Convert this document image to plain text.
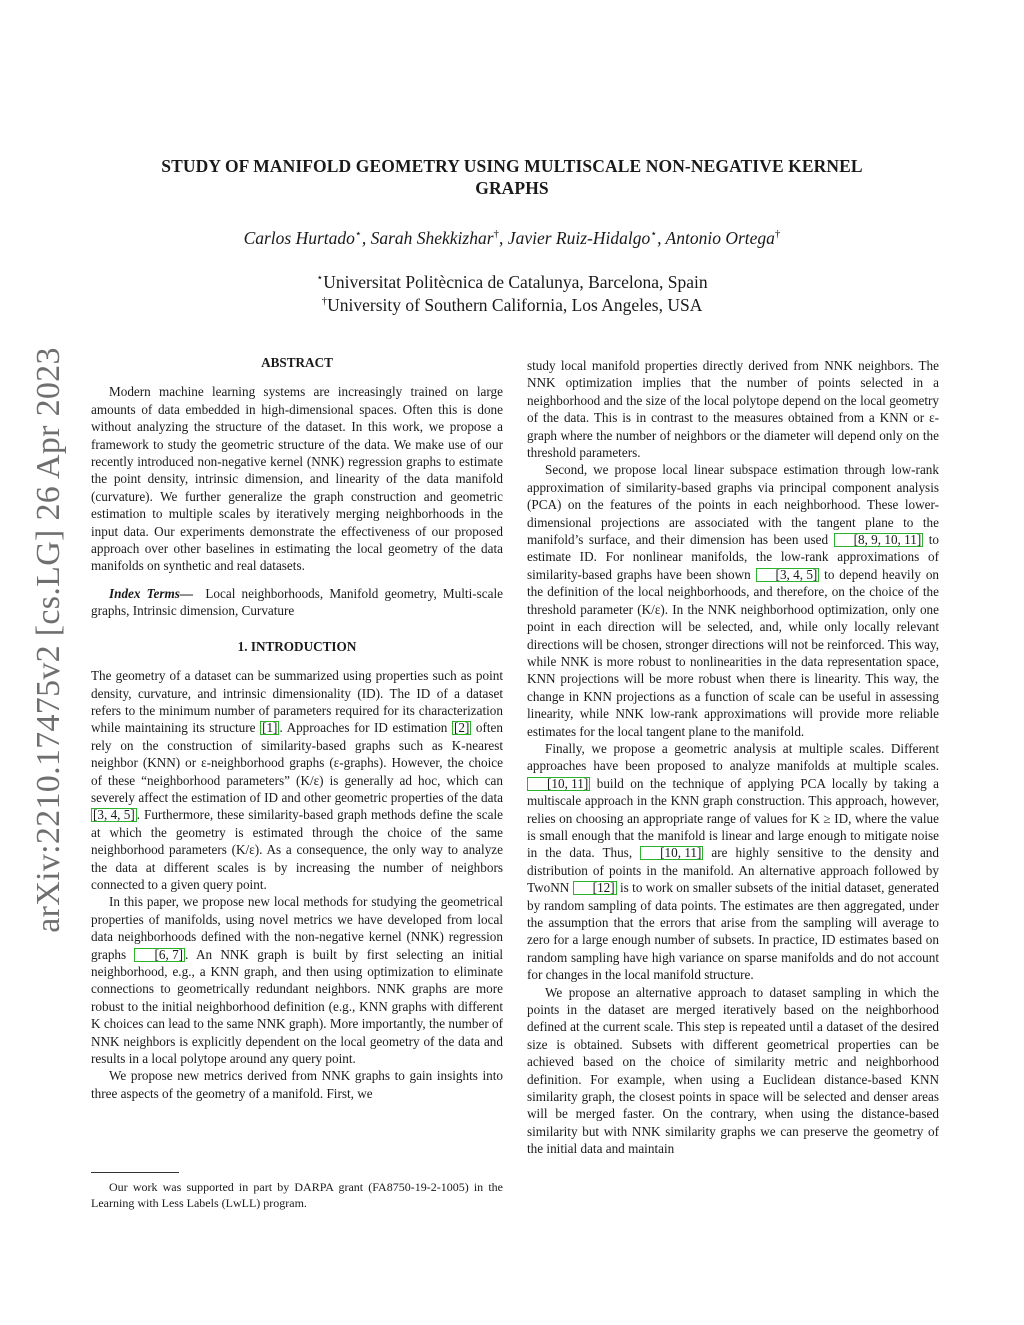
arXiv:2210.17475v2 [cs.LG] 26 Apr 2023
STUDY OF MANIFOLD GEOMETRY USING MULTISCALE NON-NEGATIVE KERNEL
GRAPHS
Carlos Hurtado⋆, Sarah Shekkizhar†, Javier Ruiz-Hidalgo⋆, Antonio Ortega†
⋆Universitat Politècnica de Catalunya, Barcelona, Spain
†University of Southern California, Los Angeles, USA
ABSTRACT

Modern machine learning systems are increasingly trained on large amounts of data embedded in high-dimensional spaces. Often this is done without analyzing the structure of the dataset. In this work, we propose a framework to study the geometric structure of the data. We make use of our recently introduced non-negative kernel (NNK) regression graphs to estimate the point density, intrinsic dimension, and linearity of the data manifold (curvature). We further generalize the graph construction and geometric estimation to multiple scales by iteratively merging neighborhoods in the input data. Our experiments demonstrate the effectiveness of our proposed approach over other baselines in estimating the local geometry of the data manifolds on synthetic and real datasets.

Index Terms— Local neighborhoods, Manifold geometry, Multi-scale graphs, Intrinsic dimension, Curvature

1. INTRODUCTION

The geometry of a dataset can be summarized using properties such as point density, curvature, and intrinsic dimensionality (ID). The ID of a dataset refers to the minimum number of parameters required for its characterization while maintaining its structure [1] . Approaches for ID estimation [2] often rely on the construction of similarity-based graphs such as K-nearest neighbor (KNN) or ε-neighborhood graphs (ε-graphs). However, the choice of these “neighborhood parameters” (K/ε) is generally ad hoc, which can severely affect the estimation of ID and other geometric properties of the data [3, 4, 5] . Furthermore, these similarity-based graph methods define the scale at which the geometry is estimated through the choice of the same neighborhood parameters (K/ε). As a consequence, the only way to analyze the data at different scales is by increasing the number of neighbors connected to a given query point.

In this paper, we propose new local methods for studying the geometrical properties of manifolds, using novel metrics we have developed from local data neighborhoods defined with the non-negative kernel (NNK) regression graphs [6, 7] . An NNK graph is built by first selecting an initial neighborhood, e.g., a KNN graph, and then using optimization to eliminate connections to geometrically redundant neighbors. NNK graphs are more robust to the initial neighborhood definition (e.g., KNN graphs with different K choices can lead to the same NNK graph). More importantly, the number of NNK neighbors is explicitly dependent on the local geometry of the data and results in a local polytope around any query point.

We propose new metrics derived from NNK graphs to gain insights into three aspects of the geometry of a manifold. First, we

study local manifold properties directly derived from NNK neighbors. The NNK optimization implies that the number of points selected in a neighborhood and the size of the local polytope depend on the local geometry of the data. This is in contrast to the measures obtained from a KNN or ε-graph where the number of neighbors or the diameter will depend only on the threshold parameters.

Second, we propose local linear subspace estimation through low-rank approximation of similarity-based graphs via principal component analysis (PCA) on the features of the points in each neighborhood. These lower-dimensional projections are associated with the tangent plane to the manifold’s surface, and their dimension has been used [8, 9, 10, 11] to estimate ID. For nonlinear manifolds, the low-rank approximations of similarity-based graphs have been shown [3, 4, 5] to depend heavily on the definition of the local neighborhoods, and therefore, on the choice of the threshold parameter (K/ε). In the NNK neighborhood optimization, only one point in each direction will be selected, and, while only locally relevant directions will be chosen, stronger directions will not be reinforced. This way, while NNK is more robust to nonlinearities in the data representation space, KNN projections will be more robust when there is linearity. This way, the change in KNN projections as a function of scale can be useful in assessing linearity, while NNK low-rank approximations will provide more reliable estimates for the local tangent plane to the manifold.

Finally, we propose a geometric analysis at multiple scales. Different approaches have been proposed to analyze manifolds at multiple scales. [10, 11] build on the technique of applying PCA locally by taking a multiscale approach in the KNN graph construction. This approach, however, relies on choosing an appropriate range of values for K ≥ ID, where the value is small enough that the manifold is linear and large enough to mitigate noise in the data. Thus, [10, 11] are highly sensitive to the density and distribution of points in the manifold. An alternative approach followed by TwoNN [12] is to work on smaller subsets of the initial dataset, generated by random sampling of data points. The estimates are then aggregated, under the assumption that the errors that arise from the sampling will average to zero for a large enough number of subsets. In practice, ID estimates based on random sampling have high variance on sparse manifolds and do not account for changes in the local manifold structure.

We propose an alternative approach to dataset sampling in which the points in the dataset are merged iteratively based on the neighborhood defined at the current scale. This step is repeated until a dataset of the desired size is obtained. Subsets with different geometrical properties can be achieved based on the choice of similarity metric and neighborhood definition. For example, when using a Euclidean distance-based KNN similarity graph, the closest points in space will be selected and denser areas will be merged faster. On the contrary, when using the distance-based similarity but with NNK similarity graphs we can preserve the geometry of the initial data and maintain

Our work was supported in part by DARPA grant (FA8750-19-2-1005) in the Learning with Less Labels (LwLL) program.
